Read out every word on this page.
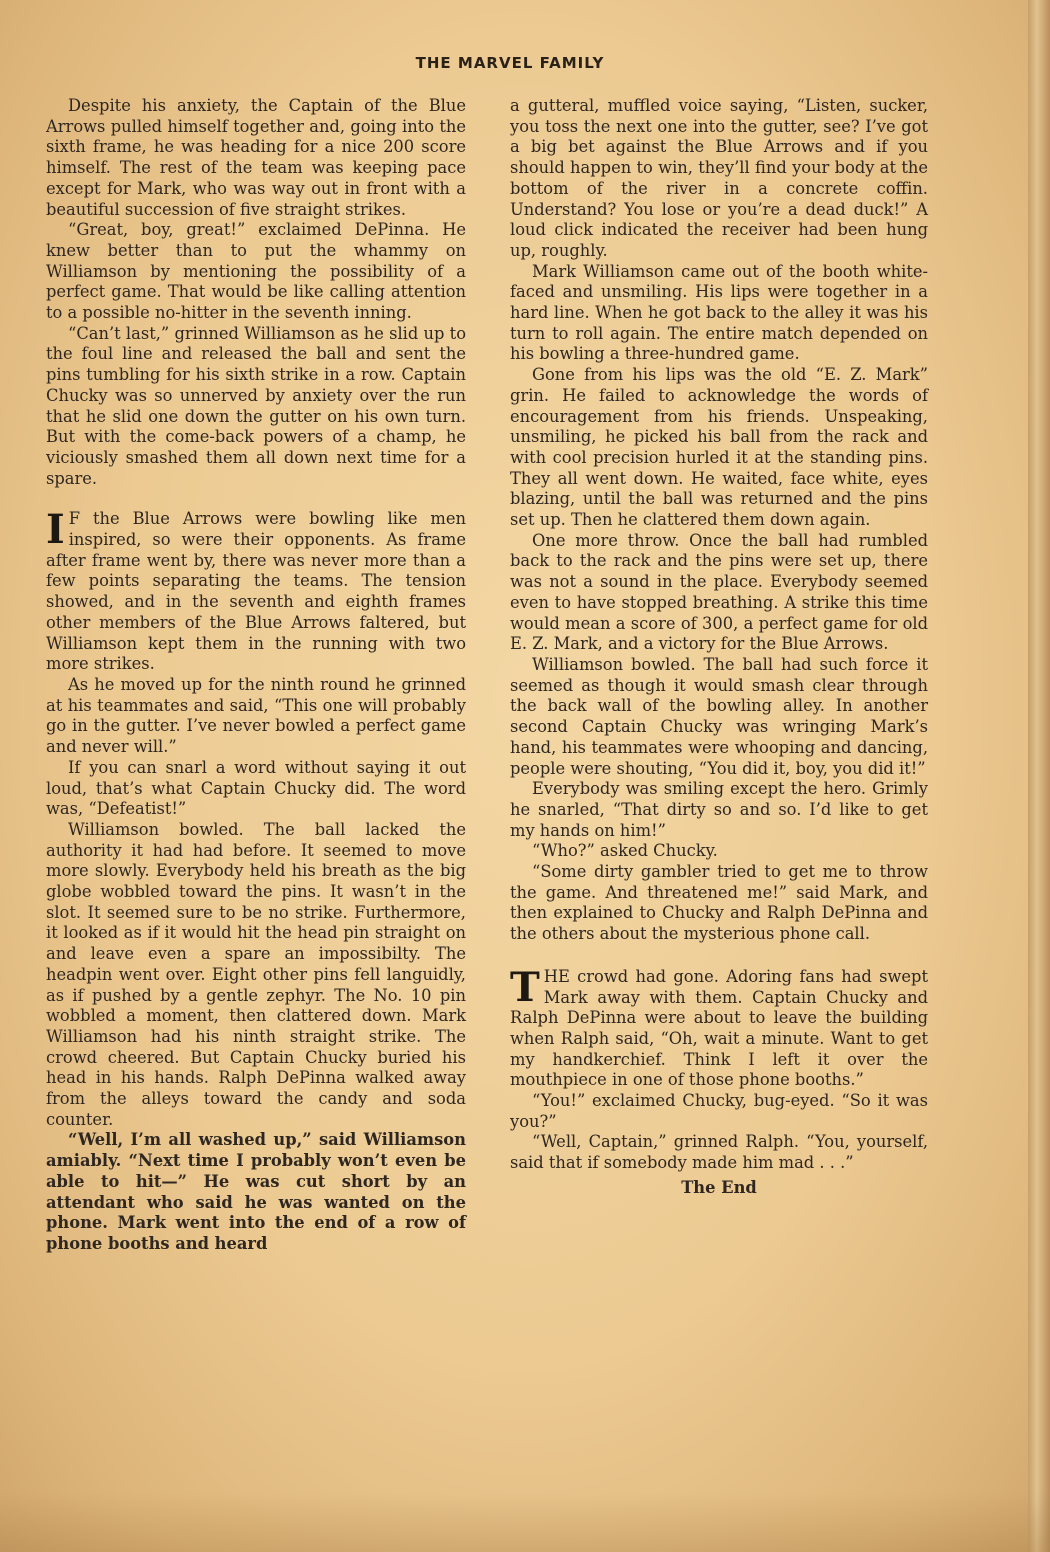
THE MARVEL FAMILY

Despite his anxiety, the Captain of the Blue Arrows pulled himself together and, going into the sixth frame, he was heading for a nice 200 score himself. The rest of the team was keeping pace except for Mark, who was way out in front with a beautiful succession of five straight strikes.

“Great, boy, great!” exclaimed DePinna. He knew better than to put the whammy on Williamson by mentioning the possibility of a perfect game. That would be like calling attention to a possible no-hitter in the seventh inning.

“Can’t last,” grinned Williamson as he slid up to the foul line and released the ball and sent the pins tumbling for his sixth strike in a row. Captain Chucky was so unnerved by anxiety over the run that he slid one down the gutter on his own turn. But with the come-back powers of a champ, he viciously smashed them all down next time for a spare.

I F the Blue Arrows were bowling like men inspired, so were their opponents. As frame after frame went by, there was never more than a few points separating the teams. The tension showed, and in the seventh and eighth frames other members of the Blue Arrows faltered, but Williamson kept them in the running with two more strikes.

As he moved up for the ninth round he grinned at his teammates and said, “This one will probably go in the gutter. I’ve never bowled a perfect game and never will.”

If you can snarl a word without saying it out loud, that’s what Captain Chucky did. The word was, “Defeatist!”

Williamson bowled. The ball lacked the authority it had had before. It seemed to move more slowly. Everybody held his breath as the big globe wobbled toward the pins. It wasn’t in the slot. It seemed sure to be no strike. Furthermore, it looked as if it would hit the head pin straight on and leave even a spare an impossibilty. The headpin went over. Eight other pins fell languidly, as if pushed by a gentle zephyr. The No. 10 pin wobbled a moment, then clattered down. Mark Williamson had his ninth straight strike. The crowd cheered. But Captain Chucky buried his head in his hands. Ralph DePinna walked away from the alleys toward the candy and soda counter.

“Well, I’m all washed up,” said Williamson amiably. “Next time I probably won’t even be able to hit—” He was cut short by an attendant who said he was wanted on the phone. Mark went into the end of a row of phone booths and heard

a gutteral, muffled voice saying, “Listen, sucker, you toss the next one into the gutter, see? I’ve got a big bet against the Blue Arrows and if you should happen to win, they’ll find your body at the bottom of the river in a concrete coffin. Understand? You lose or you’re a dead duck!” A loud click indicated the receiver had been hung up, roughly.

Mark Williamson came out of the booth white-faced and unsmiling. His lips were together in a hard line. When he got back to the alley it was his turn to roll again. The entire match depended on his bowling a three-hundred game.

Gone from his lips was the old “E. Z. Mark” grin. He failed to acknowledge the words of encouragement from his friends. Unspeaking, unsmiling, he picked his ball from the rack and with cool precision hurled it at the standing pins. They all went down. He waited, face white, eyes blazing, until the ball was returned and the pins set up. Then he clattered them down again.

One more throw. Once the ball had rumbled back to the rack and the pins were set up, there was not a sound in the place. Everybody seemed even to have stopped breathing. A strike this time would mean a score of 300, a perfect game for old E. Z. Mark, and a victory for the Blue Arrows.

Williamson bowled. The ball had such force it seemed as though it would smash clear through the back wall of the bowling alley. In another second Captain Chucky was wringing Mark’s hand, his teammates were whooping and dancing, people were shouting, “You did it, boy, you did it!”

Everybody was smiling except the hero. Grimly he snarled, “That dirty so and so. I’d like to get my hands on him!”

“Who?” asked Chucky.

“Some dirty gambler tried to get me to throw the game. And threatened me!” said Mark, and then explained to Chucky and Ralph DePinna and the others about the mysterious phone call.

THE crowd had gone. Adoring fans had swept Mark away with them. Captain Chucky and Ralph DePinna were about to leave the building when Ralph said, “Oh, wait a minute. Want to get my handkerchief. Think I left it over the mouthpiece in one of those phone booths.”

“You!” exclaimed Chucky, bug-eyed. “So it was you?”

“Well, Captain,” grinned Ralph. “You, yourself, said that if somebody made him mad . . .”

The End
